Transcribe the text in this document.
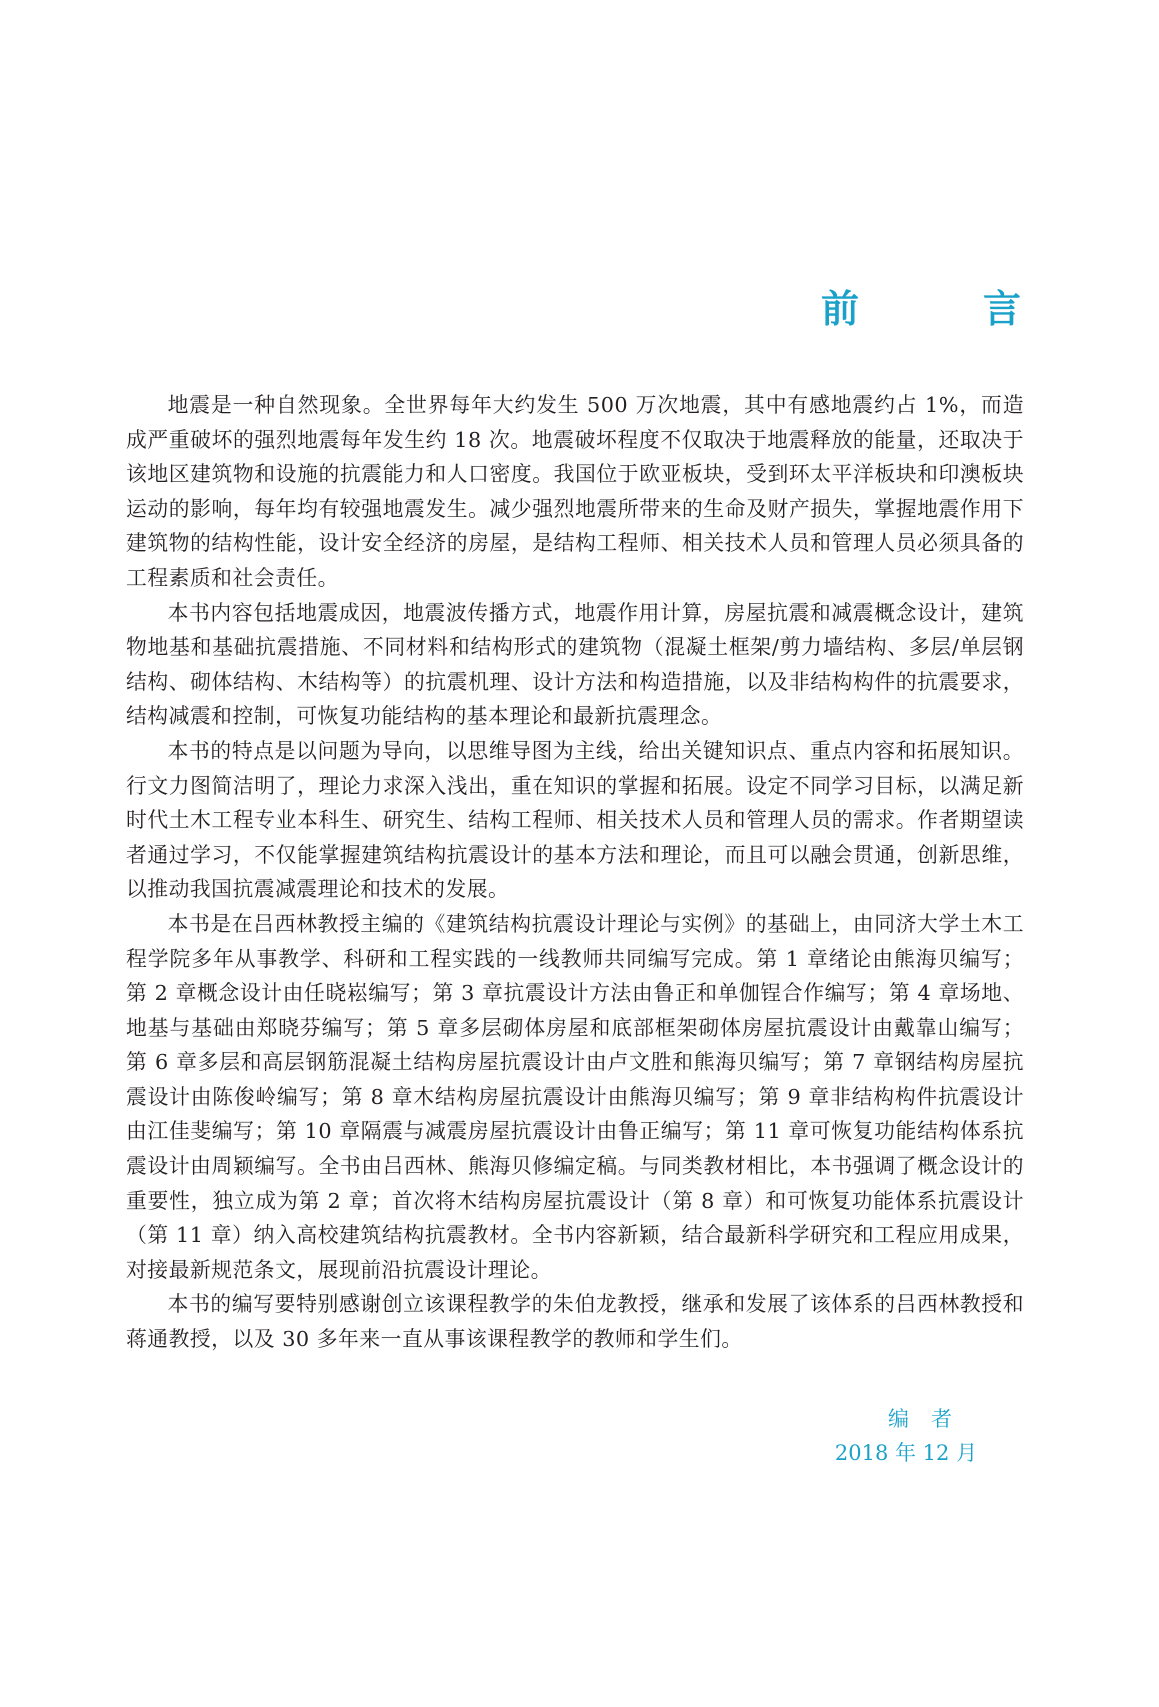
前	言

地震是一种自然现象。全世界每年大约发生 500 万次地震，其中有感地震约占 1%，而造成严重破坏的强烈地震每年发生约 18 次。地震破坏程度不仅取决于地震释放的能量，还取决于该地区建筑物和设施的抗震能力和人口密度。我国位于欧亚板块，受到环太平洋板块和印澳板块运动的影响，每年均有较强地震发生。减少强烈地震所带来的生命及财产损失，掌握地震作用下建筑物的结构性能，设计安全经济的房屋，是结构工程师、相关技术人员和管理人员必须具备的工程素质和社会责任。

本书内容包括地震成因，地震波传播方式，地震作用计算，房屋抗震和减震概念设计，建筑物地基和基础抗震措施、不同材料和结构形式的建筑物（混凝土框架/剪力墙结构、多层/单层钢结构、砌体结构、木结构等）的抗震机理、设计方法和构造措施，以及非结构构件的抗震要求，结构减震和控制，可恢复功能结构的基本理论和最新抗震理念。

本书的特点是以问题为导向，以思维导图为主线，给出关键知识点、重点内容和拓展知识。行文力图简洁明了，理论力求深入浅出，重在知识的掌握和拓展。设定不同学习目标，以满足新时代土木工程专业本科生、研究生、结构工程师、相关技术人员和管理人员的需求。作者期望读者通过学习，不仅能掌握建筑结构抗震设计的基本方法和理论，而且可以融会贯通，创新思维，以推动我国抗震减震理论和技术的发展。

本书是在吕西林教授主编的《建筑结构抗震设计理论与实例》的基础上，由同济大学土木工程学院多年从事教学、科研和工程实践的一线教师共同编写完成。第 1 章绪论由熊海贝编写；第 2 章概念设计由任晓崧编写；第 3 章抗震设计方法由鲁正和单伽锃合作编写；第 4 章场地、地基与基础由郑晓芬编写；第 5 章多层砌体房屋和底部框架砌体房屋抗震设计由戴靠山编写；第 6 章多层和高层钢筋混凝土结构房屋抗震设计由卢文胜和熊海贝编写；第 7 章钢结构房屋抗震设计由陈俊岭编写；第 8 章木结构房屋抗震设计由熊海贝编写；第 9 章非结构构件抗震设计由江佳斐编写；第 10 章隔震与减震房屋抗震设计由鲁正编写；第 11 章可恢复功能结构体系抗震设计由周颖编写。全书由吕西林、熊海贝修编定稿。与同类教材相比，本书强调了概念设计的重要性，独立成为第 2 章；首次将木结构房屋抗震设计（第 8 章）和可恢复功能体系抗震设计（第 11 章）纳入高校建筑结构抗震教材。全书内容新颖，结合最新科学研究和工程应用成果，对接最新规范条文，展现前沿抗震设计理论。

本书的编写要特别感谢创立该课程教学的朱伯龙教授，继承和发展了该体系的吕西林教授和蒋通教授，以及 30 多年来一直从事该课程教学的教师和学生们。

编者
2018 年 12 月
